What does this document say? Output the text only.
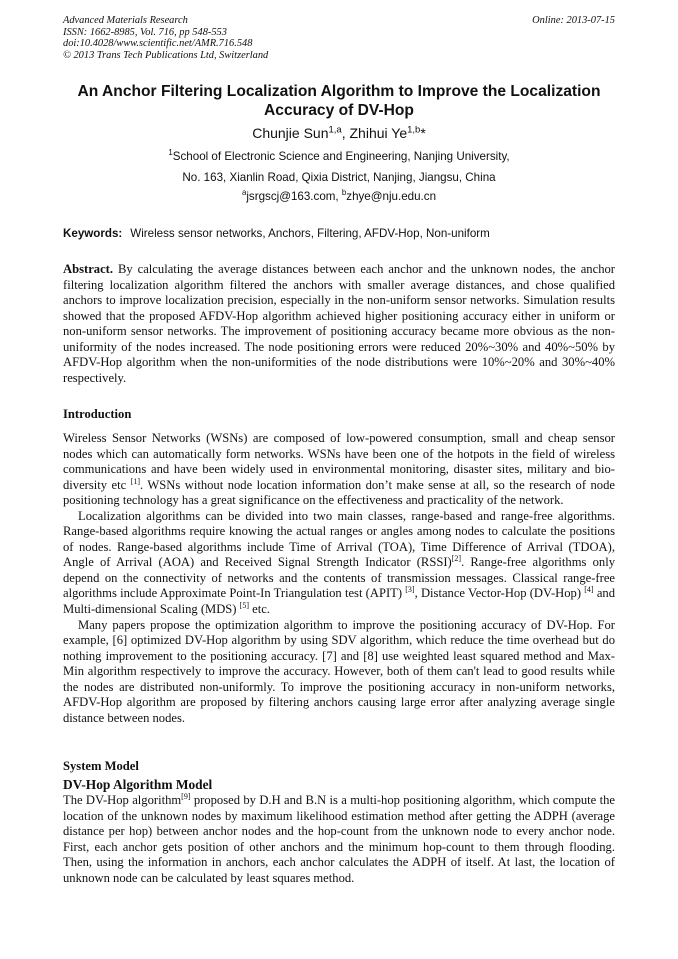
Advanced Materials Research
ISSN: 1662-8985, Vol. 716, pp 548-553
doi:10.4028/www.scientific.net/AMR.716.548
© 2013 Trans Tech Publications Ltd, Switzerland
Online: 2013-07-15
An Anchor Filtering Localization Algorithm to Improve the Localization Accuracy of DV-Hop
Chunjie Sun$^{1,a}$, Zhihui Ye$^{1,b}$*
$^1$School of Electronic Science and Engineering, Nanjing University,
No. 163, Xianlin Road, Qixia District, Nanjing, Jiangsu, China
$^a$jsrgscj@163.com, $^b$zhye@nju.edu.cn
Keywords: Wireless sensor networks, Anchors, Filtering, AFDV-Hop, Non-uniform

Abstract. By calculating the average distances between each anchor and the unknown nodes, the anchor filtering localization algorithm filtered the anchors with smaller average distances, and chose qualified anchors to improve localization precision, especially in the non-uniform sensor networks. Simulation results showed that the proposed AFDV-Hop algorithm achieved higher positioning accuracy either in uniform or non-uniform sensor networks. The improvement of positioning accuracy became more obvious as the non-uniformity of the nodes increased. The node positioning errors were reduced 20%~30% and 40%~50% by AFDV-Hop algorithm when the non-uniformities of the node distributions were 10%~20% and 30%~40% respectively.

Introduction

Wireless Sensor Networks (WSNs) are composed of low-powered consumption, small and cheap sensor nodes which can automatically form networks. WSNs have been one of the hotpots in the field of wireless communications and have been widely used in environmental monitoring, disaster sites, military and bio-diversity etc [1]. WSNs without node location information don’t make sense at all, so the research of node positioning technology has a great significance on the effectiveness and practicality of the network.

Localization algorithms can be divided into two main classes, range-based and range-free algorithms. Range-based algorithms require knowing the actual ranges or angles among nodes to calculate the positions of nodes. Range-based algorithms include Time of Arrival (TOA), Time Difference of Arrival (TDOA), Angle of Arrival (AOA) and Received Signal Strength Indicator (RSSI)[2]. Range-free algorithms only depend on the connectivity of networks and the contents of transmission messages. Classical range-free algorithms include Approximate Point-In Triangulation test (APIT) [3], Distance Vector-Hop (DV-Hop) [4] and Multi-dimensional Scaling (MDS) [5] etc.

Many papers propose the optimization algorithm to improve the positioning accuracy of DV-Hop. For example, [6] optimized DV-Hop algorithm by using SDV algorithm, which reduce the time overhead but do nothing improvement to the positioning accuracy. [7] and [8] use weighted least squared method and Max-Min algorithm respectively to improve the accuracy. However, both of them can't lead to good results while the nodes are distributed non-uniformly. To improve the positioning accuracy in non-uniform networks, AFDV-Hop algorithm are proposed by filtering anchors causing large error after analyzing average single distance between nodes.

System Model
DV-Hop Algorithm Model

The DV-Hop algorithm[9] proposed by D.H and B.N is a multi-hop positioning algorithm, which compute the location of the unknown nodes by maximum likelihood estimation method after getting the ADPH (average distance per hop) between anchor nodes and the hop-count from the unknown node to every anchor node. First, each anchor gets position of other anchors and the minimum hop-count to them through flooding. Then, using the information in anchors, each anchor calculates the ADPH of itself. At last, the location of unknown node can be calculated by least squares method.
